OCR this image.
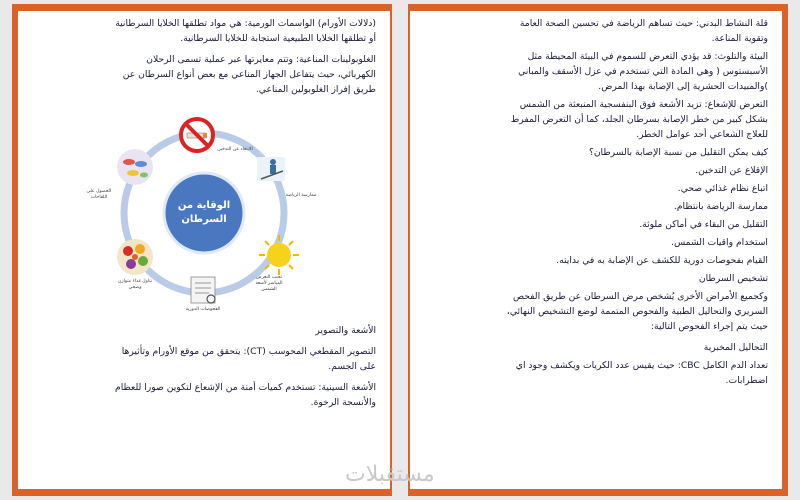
(دلالات الأورام) الواسمات الورمية: هي مواد تطلقها الخلايا السرطانية

أو تطلقها الخلايا الطبيعية استجابة للخلايا السرطانية.

الغلوبولينات المناعية: وتتم معايرتها عبر عملية تسمى الرحلان

الكهربائي، حيث يتفاعل الجهاز المناعي مع بعض أنواع السرطان عن

طريق إفراز الغلوبولين المناعي.

الوقاية من
السرطان
الابتعاد عن التدخين
ممارسة الرياضة
تجنب التعرض المباشر لأشعة الشمس
الفحوصات الدورية
تناول غذاء متوازن وصحي
الحصول على اللقاحات

الأشعة والتصوير

التصوير المقطعي المحوسب (CT): يتحقق من موقع الأورام وتأثيرها

على الجسم.

الأشعة السينية: تستخدم كميات أمنة من الإشعاع لتكوين صورا للعظام

والأنسجة الرخوة.

قلة النشاط البدني: حيث تساهم الرياضة في تحسين الصحة العامة

وتقوية المناعة.

البيئة والتلوث: قد يؤدي التعرض للسموم في البيئة المحيطة مثل

الأسبستوس ( وهي المادة التي تستخدم في عزل الأسقف والمباني

)والمبيدات الحشرية إلى الإصابة بهذا المرض.

التعرض للإشعاع: تزيد الأشعة فوق البنفسجية المنبعثة من الشمس

بشكل كبير من خطر الإصابة بسرطان الجلد، كما أن التعرض المفرط

للعلاج الشعاعي أحد عوامل الخطر.

كيف يمكن التقليل من نسبة الإصابة بالسرطان؟

الإقلاع عن التدخين.

اتباع نظام غذائي صحي.

ممارسة الرياضة بانتظام.

التقليل من البقاء في أماكن ملوثة.

استخدام واقيات الشمس.

القيام بفحوصات دورية للكشف عن الإصابة به في بدايته.

تشخيص السرطان

وكجميع الأمراض الأخرى يُشخص مرض السرطان عن طريق الفحص

السريري والتحاليل الطبية والفحوص المتممة لوضع التشخيص النهائي،

حيث يتم إجراء الفحوص التالية:

التحاليل المخبرية

تعداد الدم الكامل CBC: حيث يقيس عدد الكريات ويكشف وجود اي

اضطرابات.

مستقبلات
